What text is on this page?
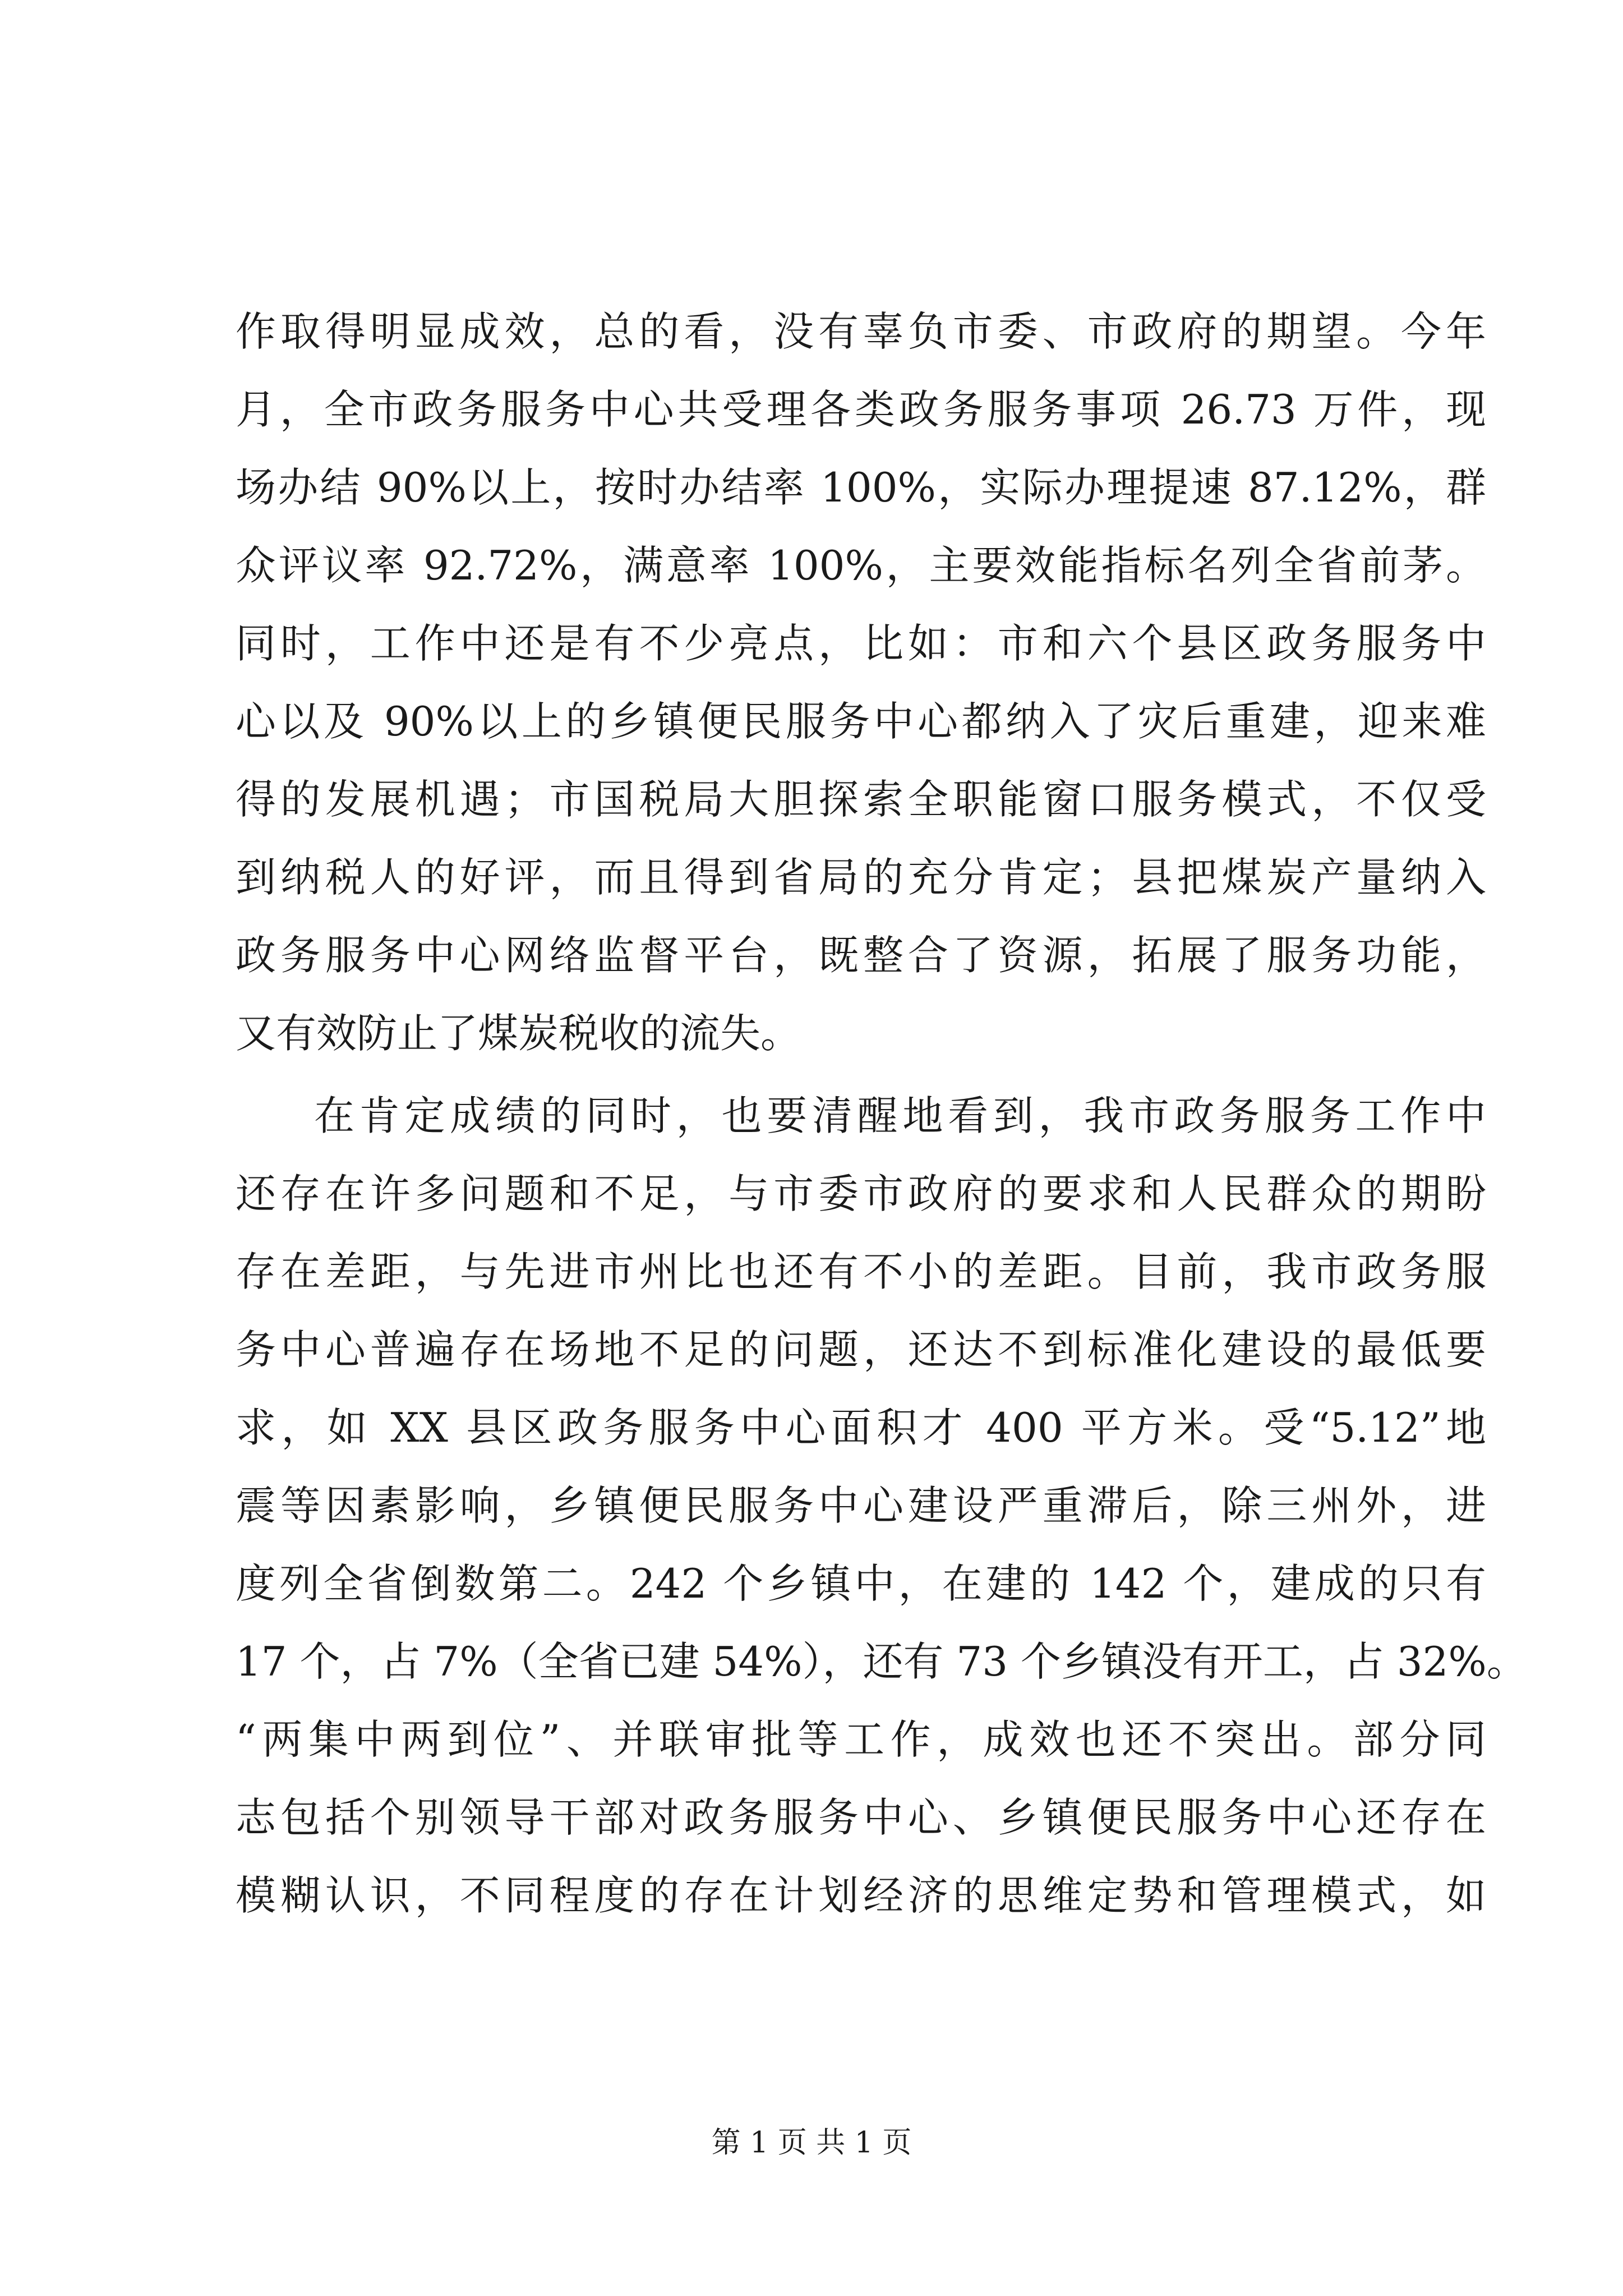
作取得明显成效，总的看，没有辜负市委、市政府的期望。今年
月，全市政务服务中心共受理各类政务服务事项 26.73 万件，现
场办结 90%以上，按时办结率 100%，实际办理提速 87.12%，群
众评议率 92.72%，满意率 100%，主要效能指标名列全省前茅。
同时，工作中还是有不少亮点，比如：市和六个县区政务服务中
心以及 90%以上的乡镇便民服务中心都纳入了灾后重建，迎来难
得的发展机遇；市国税局大胆探索全职能窗口服务模式，不仅受
到纳税人的好评，而且得到省局的充分肯定；县把煤炭产量纳入
政务服务中心网络监督平台，既整合了资源，拓展了服务功能，
又有效防止了煤炭税收的流失。
在肯定成绩的同时，也要清醒地看到，我市政务服务工作中
还存在许多问题和不足，与市委市政府的要求和人民群众的期盼
存在差距，与先进市州比也还有不小的差距。目前，我市政务服
务中心普遍存在场地不足的问题，还达不到标准化建设的最低要
求，如 XX 县区政务服务中心面积才 400 平方米。受“5.12”地
震等因素影响，乡镇便民服务中心建设严重滞后，除三州外，进
度列全省倒数第二。242 个乡镇中，在建的 142 个，建成的只有
17 个，占 7%（全省已建 54%），还有 73 个乡镇没有开工，占 32%。
“两集中两到位”、并联审批等工作，成效也还不突出。部分同
志包括个别领导干部对政务服务中心、乡镇便民服务中心还存在
模糊认识，不同程度的存在计划经济的思维定势和管理模式，如
第 1 页 共 1 页
